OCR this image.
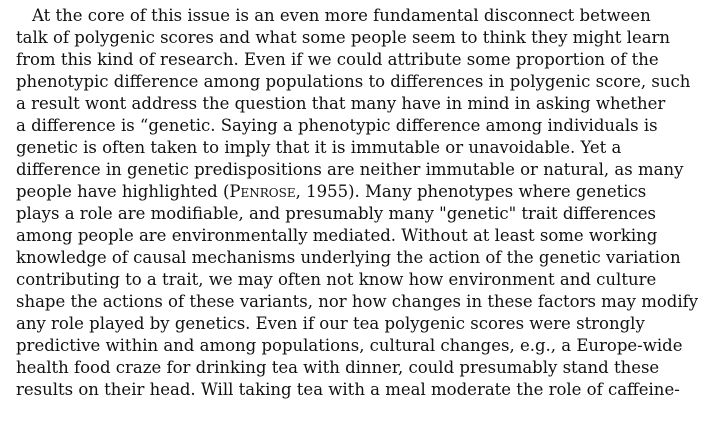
At the core of this issue is an even more fundamental disconnect between
talk of polygenic scores and what some people seem to think they might learn
from this kind of research. Even if we could attribute some proportion of the
phenotypic difference among populations to differences in polygenic score, such
a result wont address the question that many have in mind in asking whether
a difference is “genetic. Saying a phenotypic difference among individuals is
genetic is often taken to imply that it is immutable or unavoidable. Yet a
difference in genetic predispositions are neither immutable or natural, as many
people have highlighted (Penrose, 1955). Many phenotypes where genetics
plays a role are modifiable, and presumably many "genetic" trait differences
among people are environmentally mediated. Without at least some working
knowledge of causal mechanisms underlying the action of the genetic variation
contributing to a trait, we may often not know how environment and culture
shape the actions of these variants, nor how changes in these factors may modify
any role played by genetics. Even if our tea polygenic scores were strongly
predictive within and among populations, cultural changes, e.g., a Europe-wide
health food craze for drinking tea with dinner, could presumably stand these
results on their head. Will taking tea with a meal moderate the role of caffeine-
